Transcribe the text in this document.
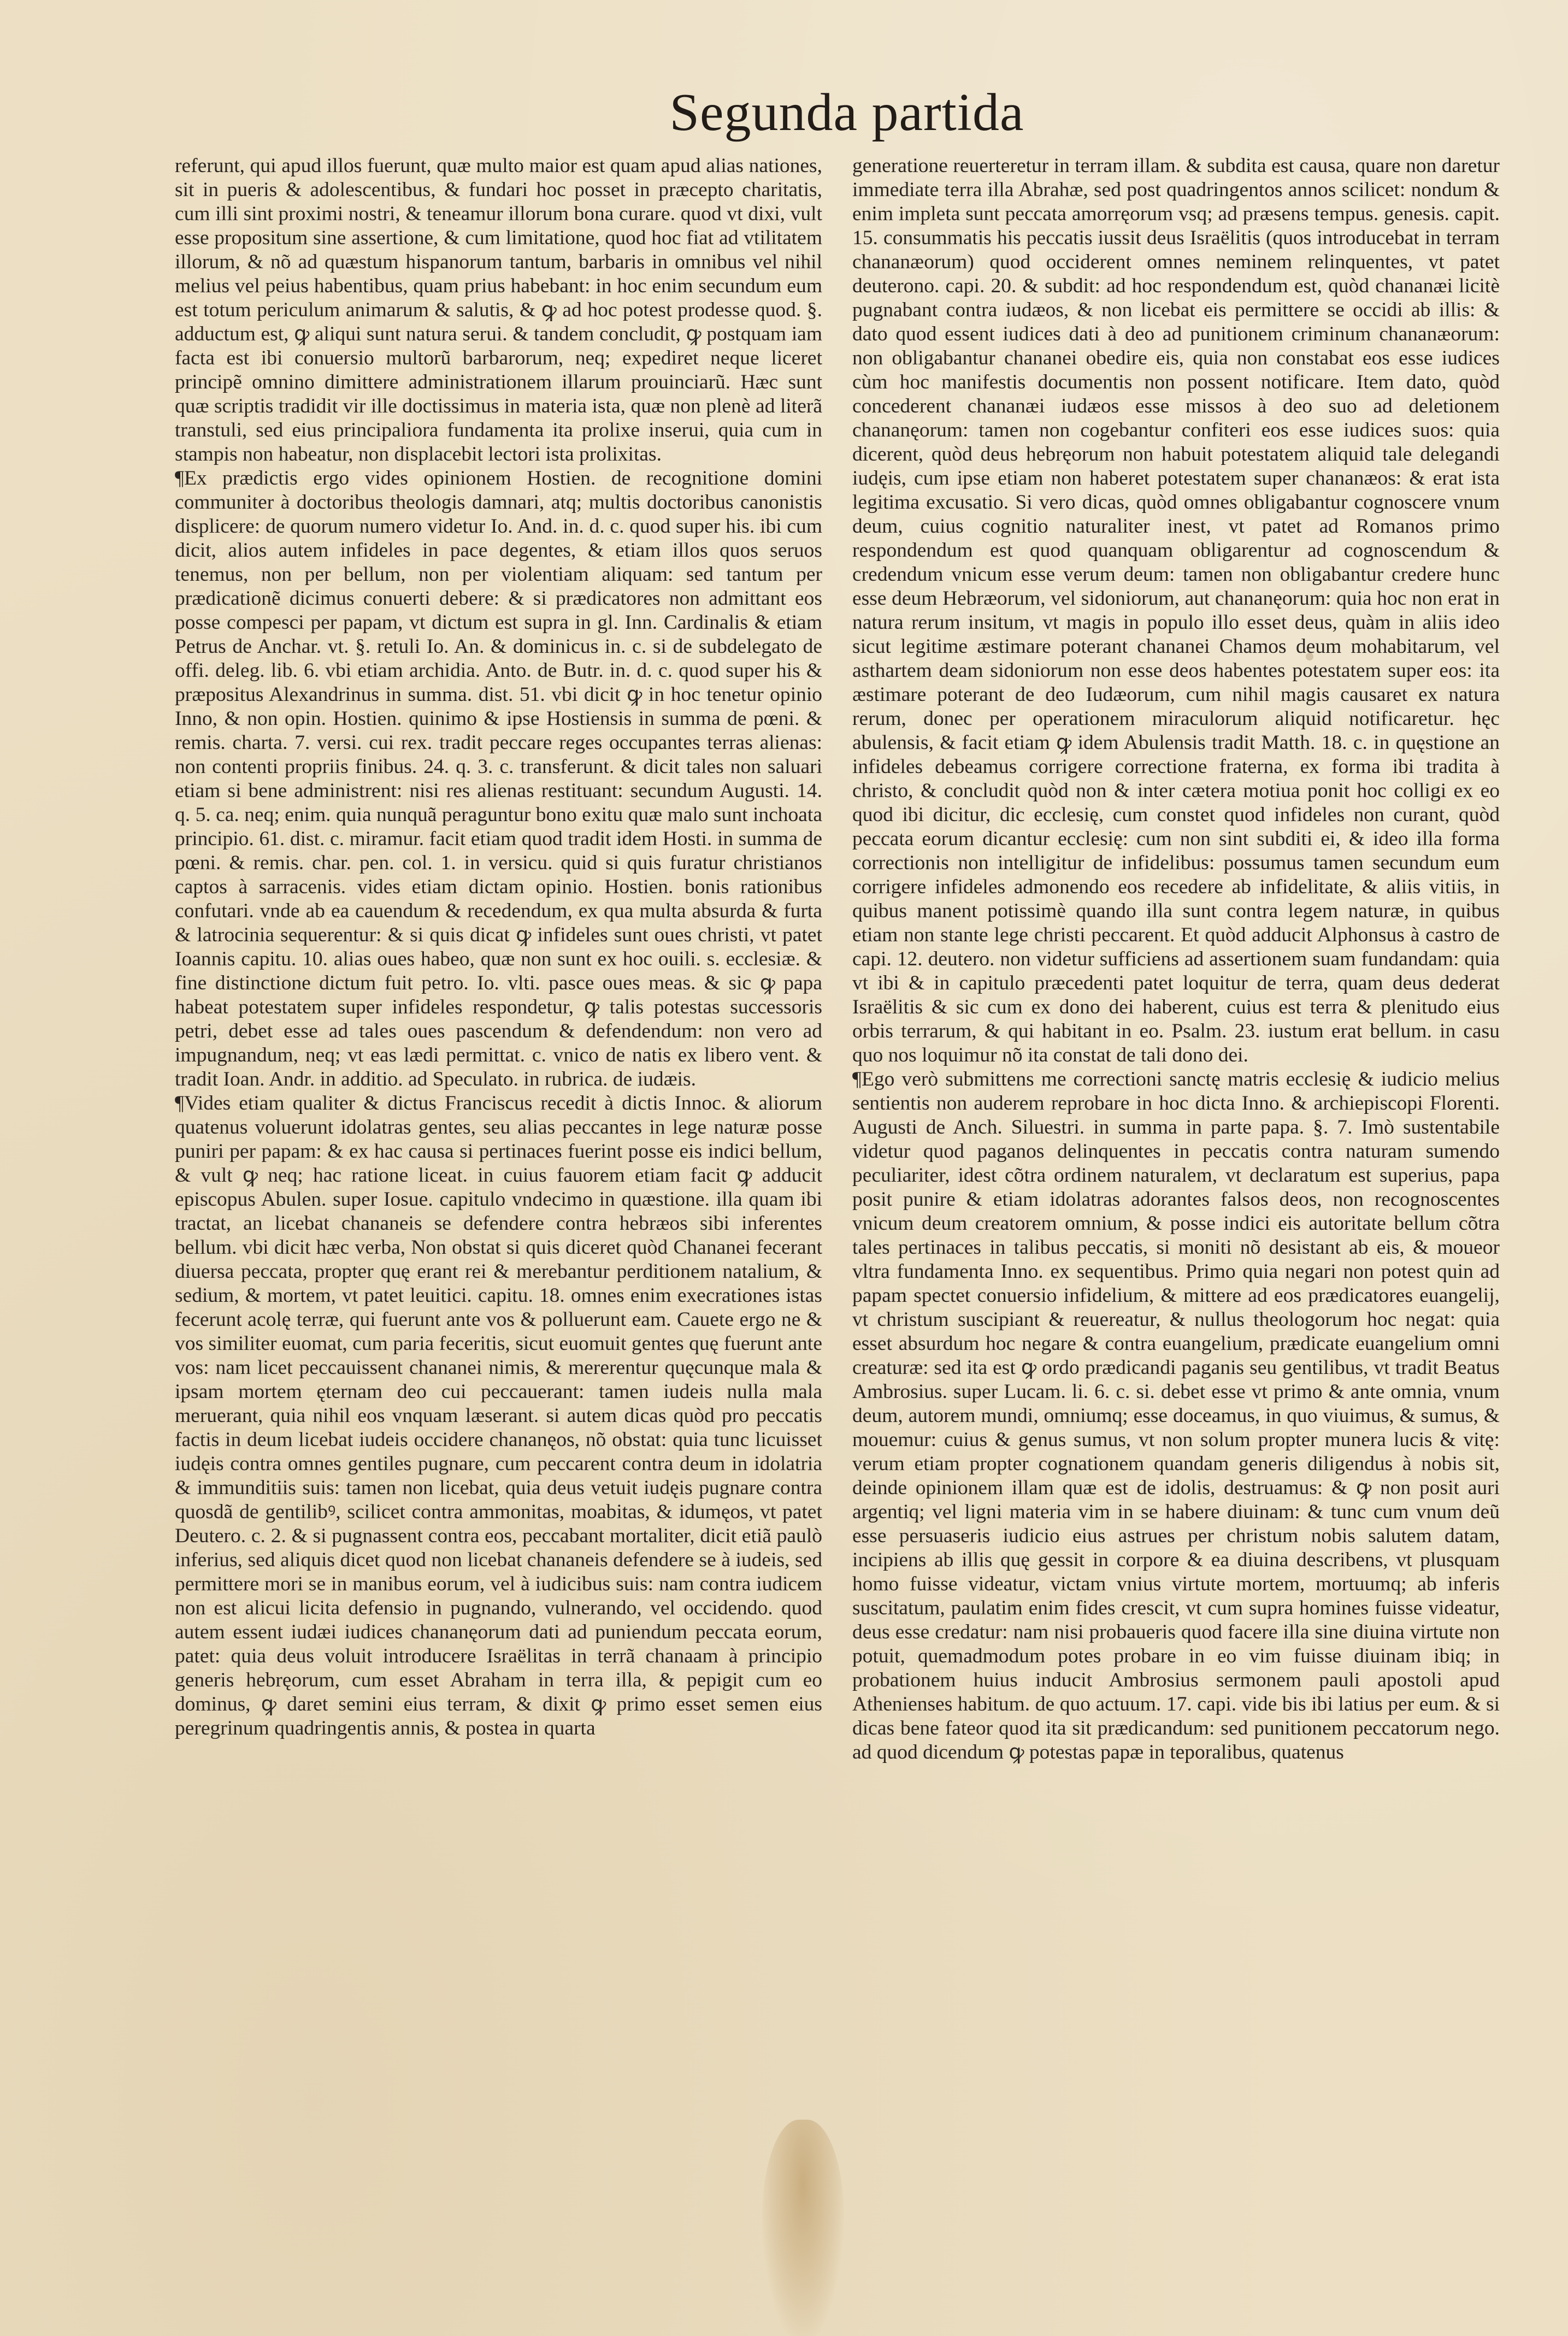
Segunda partida

referunt, qui apud illos fuerunt, quæ multo maior est quam apud alias nationes, sit in pueris & adolescentibus, & fundari hoc posset in præcepto charitatis, cum illi sint proximi nostri, & teneamur illorum bona curare. quod vt dixi, vult esse propositum sine assertione, & cum limitatione, quod hoc fiat ad vtilitatem illorum, & nõ ad quæstum hispanorum tantum, barbaris in omnibus vel nihil melius vel peius habentibus, quam prius habebant: in hoc enim secundum eum est totum periculum animarum & salutis, & ꝙ ad hoc potest prodesse quod. §. adductum est, ꝙ aliqui sunt natura serui. & tandem concludit, ꝙ postquam iam facta est ibi conuersio multorũ barbarorum, neq; expediret neque liceret principẽ omnino dimittere administrationem illarum prouinciarũ. Hæc sunt quæ scriptis tradidit vir ille doctissimus in materia ista, quæ non plenè ad literã transtuli, sed eius principaliora fundamenta ita prolixe inserui, quia cum in stampis non habeatur, non displacebit lectori ista prolixitas.

¶Ex prædictis ergo vides opinionem Hostien. de recognitione domini communiter à doctoribus theologis damnari, atq; multis doctoribus canonistis displicere: de quorum numero videtur Io. And. in. d. c. quod super his. ibi cum dicit, alios autem infideles in pace degentes, & etiam illos quos seruos tenemus, non per bellum, non per violentiam aliquam: sed tantum per prædicationẽ dicimus conuerti debere: & si prædicatores non admittant eos posse compesci per papam, vt dictum est supra in gl. Inn. Cardinalis & etiam Petrus de Anchar. vt. §. retuli Io. An. & dominicus in. c. si de subdelegato de offi. deleg. lib. 6. vbi etiam archidia. Anto. de Butr. in. d. c. quod super his & præpositus Alexandrinus in summa. dist. 51. vbi dicit ꝙ in hoc tenetur opinio Inno, & non opin. Hostien. quinimo & ipse Hostiensis in summa de pœni. & remis. charta. 7. versi. cui rex. tradit peccare reges occupantes terras alienas: non contenti propriis finibus. 24. q. 3. c. transferunt. & dicit tales non saluari etiam si bene administrent: nisi res alienas restituant: secundum Augusti. 14. q. 5. ca. neq; enim. quia nunquã peraguntur bono exitu quæ malo sunt inchoata principio. 61. dist. c. miramur. facit etiam quod tradit idem Hosti. in summa de pœni. & remis. char. pen. col. 1. in versicu. quid si quis furatur christianos captos à sarracenis. vides etiam dictam opinio. Hostien. bonis rationibus confutari. vnde ab ea cauendum & recedendum, ex qua multa absurda & furta & latrocinia sequerentur: & si quis dicat ꝙ infideles sunt oues christi, vt patet Ioannis capitu. 10. alias oues habeo, quæ non sunt ex hoc ouili. s. ecclesiæ. & fine distinctione dictum fuit petro. Io. vlti. pasce oues meas. & sic ꝙ papa habeat potestatem super infideles respondetur, ꝙ talis potestas successoris petri, debet esse ad tales oues pascendum & defendendum: non vero ad impugnandum, neq; vt eas lædi permittat. c. vnico de natis ex libero vent. & tradit Ioan. Andr. in additio. ad Speculato. in rubrica. de iudæis.

¶Vides etiam qualiter & dictus Franciscus recedit à dictis Innoc. & aliorum quatenus voluerunt idolatras gentes, seu alias peccantes in lege naturæ posse puniri per papam: & ex hac causa si pertinaces fuerint posse eis indici bellum, & vult ꝙ neq; hac ratione liceat. in cuius fauorem etiam facit ꝙ adducit episcopus Abulen. super Iosue. capitulo vndecimo in quæstione. illa quam ibi tractat, an licebat chananeis se defendere contra hebræos sibi inferentes bellum. vbi dicit hæc verba, Non obstat si quis diceret quòd Chananei fecerant diuersa peccata, propter quę erant rei & merebantur perditionem natalium, & sedium, & mortem, vt patet leuitici. capitu. 18. omnes enim execrationes istas fecerunt acolę terræ, qui fuerunt ante vos & polluerunt eam. Cauete ergo ne & vos similiter euomat, cum paria feceritis, sicut euomuit gentes quę fuerunt ante vos: nam licet peccauissent chananei nimis, & mererentur quęcunque mala & ipsam mortem ęternam deo cui peccauerant: tamen iudeis nulla mala meruerant, quia nihil eos vnquam læserant. si autem dicas quòd pro peccatis factis in deum licebat iudeis occidere chananęos, nõ obstat: quia tunc licuisset iudęis contra omnes gentiles pugnare, cum peccarent contra deum in idolatria & immunditiis suis: tamen non licebat, quia deus vetuit iudęis pugnare contra quosdã de gentilibꝰ, scilicet contra ammonitas, moabitas, & idumęos, vt patet Deutero. c. 2. & si pugnassent contra eos, peccabant mortaliter, dicit etiã paulò inferius, sed aliquis dicet quod non licebat chananeis defendere se à iudeis, sed permittere mori se in manibus eorum, vel à iudicibus suis: nam contra iudicem non est alicui licita defensio in pugnando, vulnerando, vel occidendo. quod autem essent iudæi iudices chananęorum dati ad puniendum peccata eorum, patet: quia deus voluit introducere Israëlitas in terrã chanaam à principio generis hebręorum, cum esset Abraham in terra illa, & pepigit cum eo dominus, ꝙ daret semini eius terram, & dixit ꝙ primo esset semen eius peregrinum quadringentis annis, & postea in quarta

generatione reuerteretur in terram illam. & subdita est causa, quare non daretur immediate terra illa Abrahæ, sed post quadringentos annos scilicet: nondum & enim impleta sunt peccata amorręorum vsq; ad præsens tempus. genesis. capit. 15. consummatis his peccatis iussit deus Israëlitis (quos introducebat in terram chananæorum) quod occiderent omnes neminem relinquentes, vt patet deuterono. capi. 20. & subdit: ad hoc respondendum est, quòd chananæi licitè pugnabant contra iudæos, & non licebat eis permittere se occidi ab illis: & dato quod essent iudices dati à deo ad punitionem criminum chananæorum: non obligabantur chananei obedire eis, quia non constabat eos esse iudices cùm hoc manifestis documentis non possent notificare. Item dato, quòd concederent chananæi iudæos esse missos à deo suo ad deletionem chananęorum: tamen non cogebantur confiteri eos esse iudices suos: quia dicerent, quòd deus hebręorum non habuit potestatem aliquid tale delegandi iudęis, cum ipse etiam non haberet potestatem super chananæos: & erat ista legitima excusatio. Si vero dicas, quòd omnes obligabantur cognoscere vnum deum, cuius cognitio naturaliter inest, vt patet ad Romanos primo respondendum est quod quanquam obligarentur ad cognoscendum & credendum vnicum esse verum deum: tamen non obligabantur credere hunc esse deum Hebræorum, vel sidoniorum, aut chananęorum: quia hoc non erat in natura rerum insitum, vt magis in populo illo esset deus, quàm in aliis ideo sicut legitime æstimare poterant chananei Chamos deum mohabitarum, vel asthartem deam sidoniorum non esse deos habentes potestatem super eos: ita æstimare poterant de deo Iudæorum, cum nihil magis causaret ex natura rerum, donec per operationem miraculorum aliquid notificaretur. hęc abulensis, & facit etiam ꝙ idem Abulensis tradit Matth. 18. c. in quęstione an infideles debeamus corrigere correctione fraterna, ex forma ibi tradita à christo, & concludit quòd non & inter cætera motiua ponit hoc colligi ex eo quod ibi dicitur, dic ecclesię, cum constet quod infideles non curant, quòd peccata eorum dicantur ecclesię: cum non sint subditi ei, & ideo illa forma correctionis non intelligitur de infidelibus: possumus tamen secundum eum corrigere infideles admonendo eos recedere ab infidelitate, & aliis vitiis, in quibus manent potissimè quando illa sunt contra legem naturæ, in quibus etiam non stante lege christi peccarent. Et quòd adducit Alphonsus à castro de capi. 12. deutero. non videtur sufficiens ad assertionem suam fundandam: quia vt ibi & in capitulo præcedenti patet loquitur de terra, quam deus dederat Israëlitis & sic cum ex dono dei haberent, cuius est terra & plenitudo eius orbis terrarum, & qui habitant in eo. Psalm. 23. iustum erat bellum. in casu quo nos loquimur nõ ita constat de tali dono dei.

¶Ego verò submittens me correctioni sanctę matris ecclesię & iudicio melius sentientis non auderem reprobare in hoc dicta Inno. & archiepiscopi Florenti. Augusti de Anch. Siluestri. in summa in parte papa. §. 7. Imò sustentabile videtur quod paganos delinquentes in peccatis contra naturam sumendo peculiariter, idest cõtra ordinem naturalem, vt declaratum est superius, papa posit punire & etiam idolatras adorantes falsos deos, non recognoscentes vnicum deum creatorem omnium, & posse indici eis autoritate bellum cõtra tales pertinaces in talibus peccatis, si moniti nõ desistant ab eis, & moueor vltra fundamenta Inno. ex sequentibus. Primo quia negari non potest quin ad papam spectet conuersio infidelium, & mittere ad eos prædicatores euangelij, vt christum suscipiant & reuereatur, & nullus theologorum hoc negat: quia esset absurdum hoc negare & contra euangelium, prædicate euangelium omni creaturæ: sed ita est ꝙ ordo prædicandi paganis seu gentilibus, vt tradit Beatus Ambrosius. super Lucam. li. 6. c. si. debet esse vt primo & ante omnia, vnum deum, autorem mundi, omniumq; esse doceamus, in quo viuimus, & sumus, & mouemur: cuius & genus sumus, vt non solum propter munera lucis & vitę: verum etiam propter cognationem quandam generis diligendus à nobis sit, deinde opinionem illam quæ est de idolis, destruamus: & ꝙ non posit auri argentiq; vel ligni materia vim in se habere diuinam: & tunc cum vnum deũ esse persuaseris iudicio eius astrues per christum nobis salutem datam, incipiens ab illis quę gessit in corpore & ea diuina describens, vt plusquam homo fuisse videatur, victam vnius virtute mortem, mortuumq; ab inferis suscitatum, paulatim enim fides crescit, vt cum supra homines fuisse videatur, deus esse credatur: nam nisi probaueris quod facere illa sine diuina virtute non potuit, quemadmodum potes probare in eo vim fuisse diuinam ibiq; in probationem huius inducit Ambrosius sermonem pauli apostoli apud Athenienses habitum. de quo actuum. 17. capi. vide bis ibi latius per eum. & si dicas bene fateor quod ita sit prædicandum: sed punitionem peccatorum nego. ad quod dicendum ꝙ potestas papæ in teporalibus, quatenus
